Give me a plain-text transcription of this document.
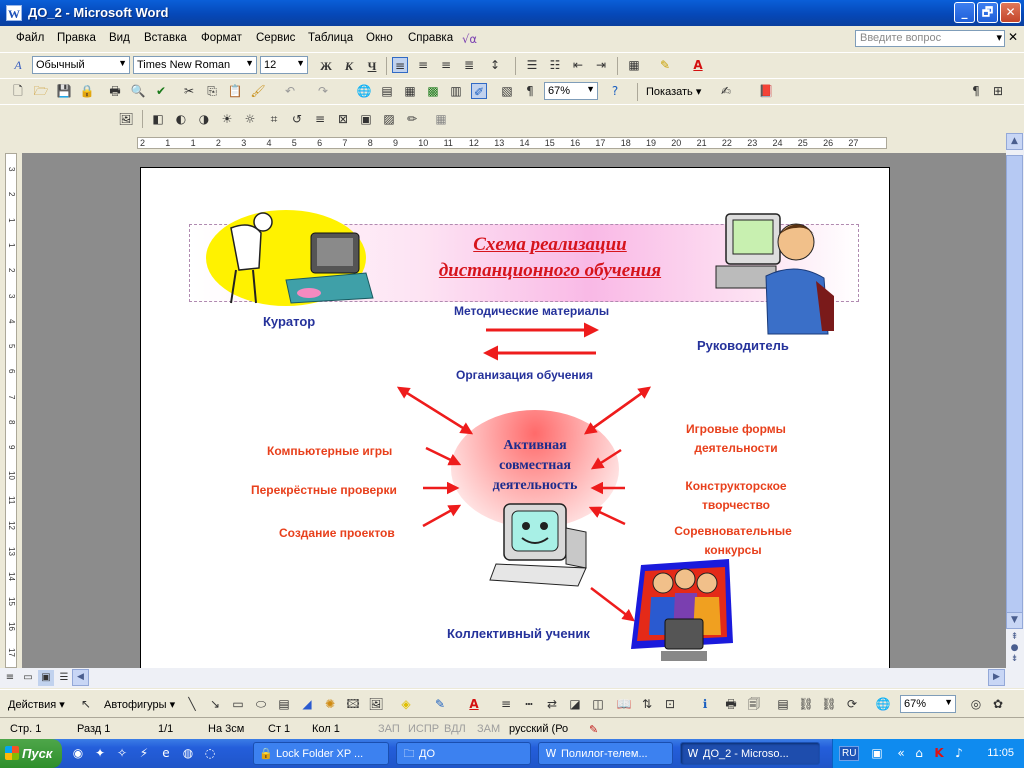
W ДО_2 - Microsoft Word	_	🗗	✕
Файл Правка Вид Вставка Формат Сервис Таблица Окно Справка √α	Введите вопрос	▾ ✕
A	Обычный	▼ Times New Roman ▼ 12 ▼ Ж	К	Ч ≡ ≡ ≡ ≣ ↕ ☰ ☷ ⇤ ⇥ ▦ ✎ A
🗋 🗁 💾 🔒 🖶 🔍 ✔ ✂ ⎘ 📋 🖌 ↶ ↷ 🌐 ▤ ▦ ▩ ▥ ✐ ▧	¶	67% ▼	?	Показать ▾ ✍ 📕	¶	⊞
🖼 ◧ ◐ ◑ ☀ ☼	⌗	↺ ≡ ⊠ ▣ ▨ ✏ ▦
2 1 1 2 3 4 5 6 7 8 9 10 11 12 13 14 15 16 17 18 19 20 21 22 23 24 25 26 27
3
2
1
1
2
3
4
5
6
7
8
9
10
11
12
13
14
15
16
17
Схема реализации
дистанционного обучения
Куратор
Методические материалы
Руководитель
Организация обучения
Активная
совместная
деятельность
Компьютерные игры
Перекрёстные проверки
Создание проектов
Игровые формы
деятельности
Конструкторское
творчество
Соревновательные
конкурсы
Коллективный ученик
▲
▼
⇞
●
⇟
≡ ▭ ▣ ☰ ◀	▶
Действия ▾ ↖ Автофигуры ▾	╲	↘ ▭ ⬭ ▤ ◢ ✺ 🖾 🖼 ◈ ✎ A ≡	┅	⇄ ◪ ◫ 📖 ⇅ ⊡	ℹ	🖶 🗐 ▤ ⛓ ⛓ ⟳ 🌐	67% ▼ ◎ ✿
Стр. 1	Разд 1	1/1	На 3см Ст 1 Кол 1	ЗАП ИСПР ВДЛ ЗАМ русский (Ро ✎
Пуск	◉ ✦ ✧	⚡	e	◍ ◌	🔒 Lock Folder XP ...	🗀 ДО	W Полилог-телем...	W ДО_2 - Microso...	RU ▣	« ⌂ K ♪	11:05
